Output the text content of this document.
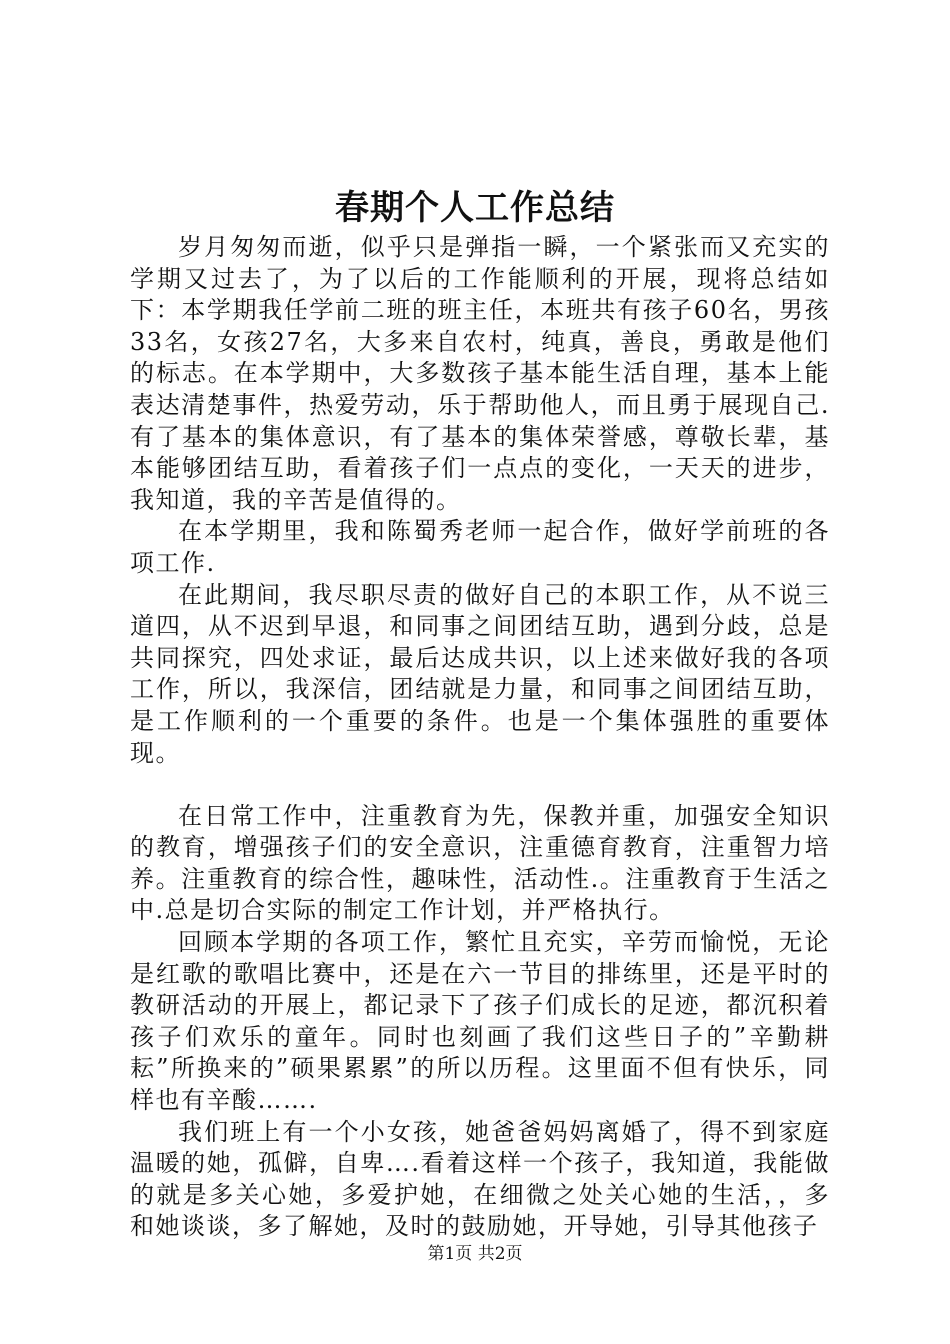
春期个人工作总结

岁月匆匆而逝，似乎只是弹指一瞬，一个紧张而又充实的学期又过去了，为了以后的工作能顺利的开展，现将总结如下：本学期我任学前二班的班主任，本班共有孩子60名，男孩33名，女孩27名，大多来自农村，纯真，善良，勇敢是他们的标志。在本学期中，大多数孩子基本能生活自理，基本上能表达清楚事件，热爱劳动，乐于帮助他人，而且勇于展现自己.有了基本的集体意识，有了基本的集体荣誉感，尊敬长辈，基本能够团结互助，看着孩子们一点点的变化，一天天的进步，我知道，我的辛苦是值得的。

在本学期里，我和陈蜀秀老师一起合作，做好学前班的各项工作.

在此期间，我尽职尽责的做好自己的本职工作，从不说三道四，从不迟到早退，和同事之间团结互助，遇到分歧，总是共同探究，四处求证，最后达成共识，以上述来做好我的各项工作，所以，我深信，团结就是力量，和同事之间团结互助，是工作顺利的一个重要的条件。也是一个集体强胜的重要体现。

在日常工作中，注重教育为先，保教并重，加强安全知识的教育，增强孩子们的安全意识，注重德育教育，注重智力培养。注重教育的综合性，趣味性，活动性.。注重教育于生活之中.总是切合实际的制定工作计划，并严格执行。

回顾本学期的各项工作，繁忙且充实，辛劳而愉悦，无论是红歌的歌唱比赛中，还是在六一节目的排练里，还是平时的教研活动的开展上，都记录下了孩子们成长的足迹，都沉积着孩子们欢乐的童年。同时也刻画了我们这些日子的”辛勤耕耘”所换来的”硕果累累”的所以历程。这里面不但有快乐，同样也有辛酸…….

我们班上有一个小女孩，她爸爸妈妈离婚了，得不到家庭温暖的她，孤僻，自卑….看着这样一个孩子，我知道，我能做的就是多关心她，多爱护她，在细微之处关心她的生活，，多和她谈谈，多了解她，及时的鼓励她，开导她，引导其他孩子

第1页 共2页
